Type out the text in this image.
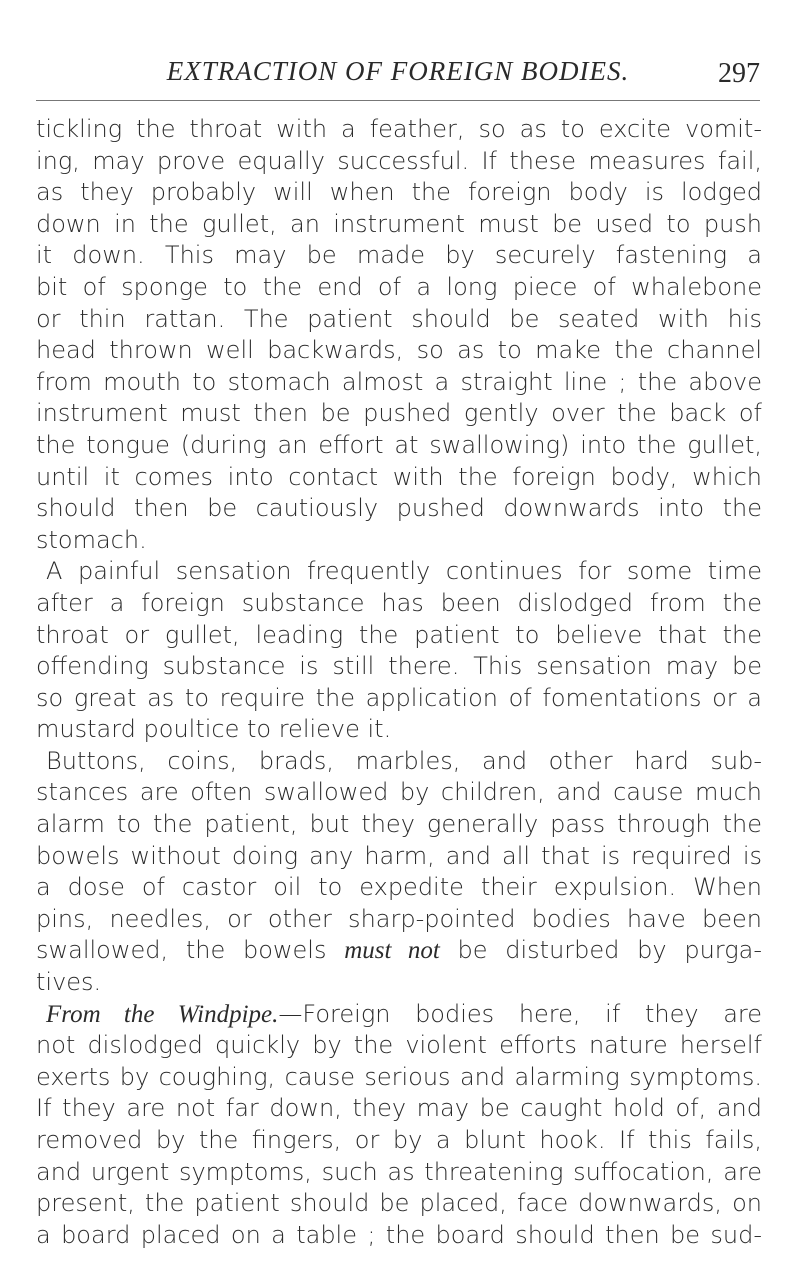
EXTRACTION OF FOREIGN BODIES.	297

tickling the throat with a feather, so as to excite vomit-
ing, may prove equally successful. If these measures fail,
as they probably will when the foreign body is lodged
down in the gullet, an instrument must be used to push
it down. This may be made by securely fastening a
bit of sponge to the end of a long piece of whalebone
or thin rattan. The patient should be seated with his
head thrown well backwards, so as to make the channel
from mouth to stomach almost a straight line ; the above
instrument must then be pushed gently over the back of
the tongue (during an effort at swallowing) into the gullet,
until it comes into contact with the foreign body, which
should then be cautiously pushed downwards into the
stomach.

A painful sensation frequently continues for some time
after a foreign substance has been dislodged from the
throat or gullet, leading the patient to believe that the
offending substance is still there. This sensation may be
so great as to require the application of fomentations or a
mustard poultice to relieve it.

Buttons, coins, brads, marbles, and other hard sub-
stances are often swallowed by children, and cause much
alarm to the patient, but they generally pass through the
bowels without doing any harm, and all that is required is
a dose of castor oil to expedite their expulsion. When
pins, needles, or other sharp-pointed bodies have been
swallowed, the bowels must not be disturbed by purga-
tives.

From the Windpipe.—Foreign bodies here, if they are
not dislodged quickly by the violent efforts nature herself
exerts by coughing, cause serious and alarming symptoms.
If they are not far down, they may be caught hold of, and
removed by the fingers, or by a blunt hook. If this fails,
and urgent symptoms, such as threatening suffocation, are
present, the patient should be placed, face downwards, on
a board placed on a table ; the board should then be sud-
